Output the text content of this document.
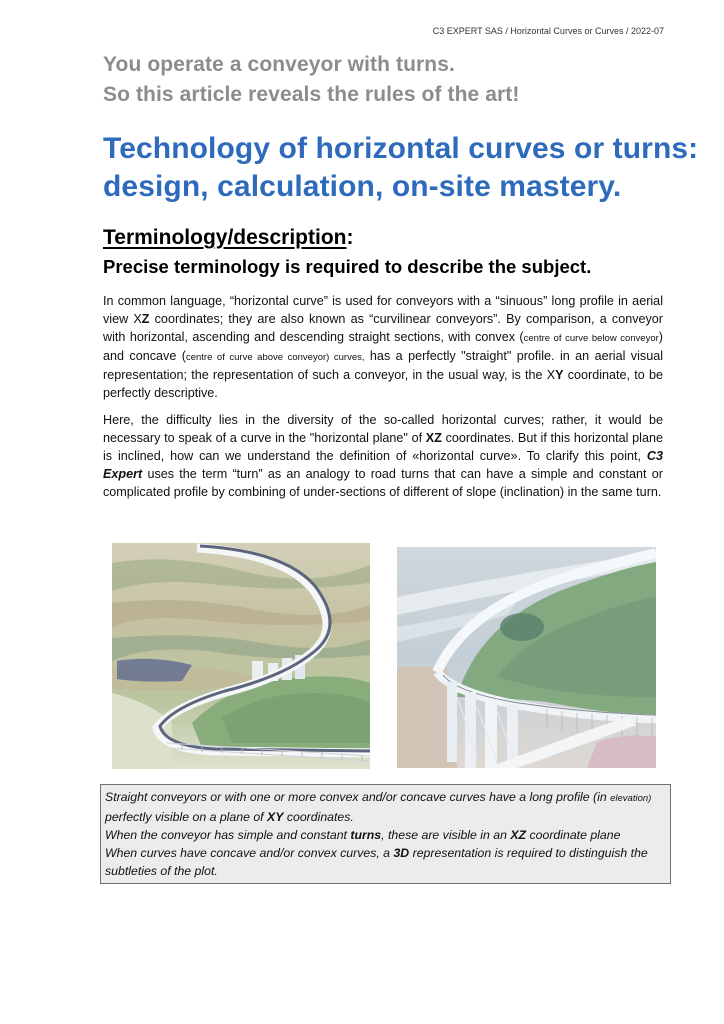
C3 EXPERT SAS / Horizontal Curves or Curves / 2022-07
You operate a conveyor with turns.
So this article reveals the rules of the art!
Technology of horizontal curves or turns:
design, calculation, on-site mastery.
Terminology/description:
Precise terminology is required to describe the subject.
In common language, “horizontal curve” is used for conveyors with a “sinuous” long profile in aerial view XZ coordinates; they are also known as “curvilinear conveyors”. By comparison, a conveyor with horizontal, ascending and descending straight sections, with convex (centre of curve below conveyor) and concave (centre of curve above conveyor) curves, has a perfectly "straight" profile. in an aerial visual representation; the representation of such a conveyor, in the usual way, is the XY coordinate, to be perfectly descriptive.
Here, the difficulty lies in the diversity of the so-called horizontal curves; rather, it would be necessary to speak of a curve in the "horizontal plane" of XZ coordinates. But if this horizontal plane is inclined, how can we understand the definition of «horizontal curve». To clarify this point, C3 Expert uses the term “turn” as an analogy to road turns that can have a simple and constant or complicated profile by combining of under-sections of different of slope (inclination) in the same turn.
Straight conveyors or with one or more convex and/or concave curves have a long profile (in elevation) perfectly visible on a plane of XY coordinates.
When the conveyor has simple and constant turns, these are visible in an XZ coordinate plane
When curves have concave and/or convex curves, a 3D representation is required to distinguish the subtleties of the plot.
